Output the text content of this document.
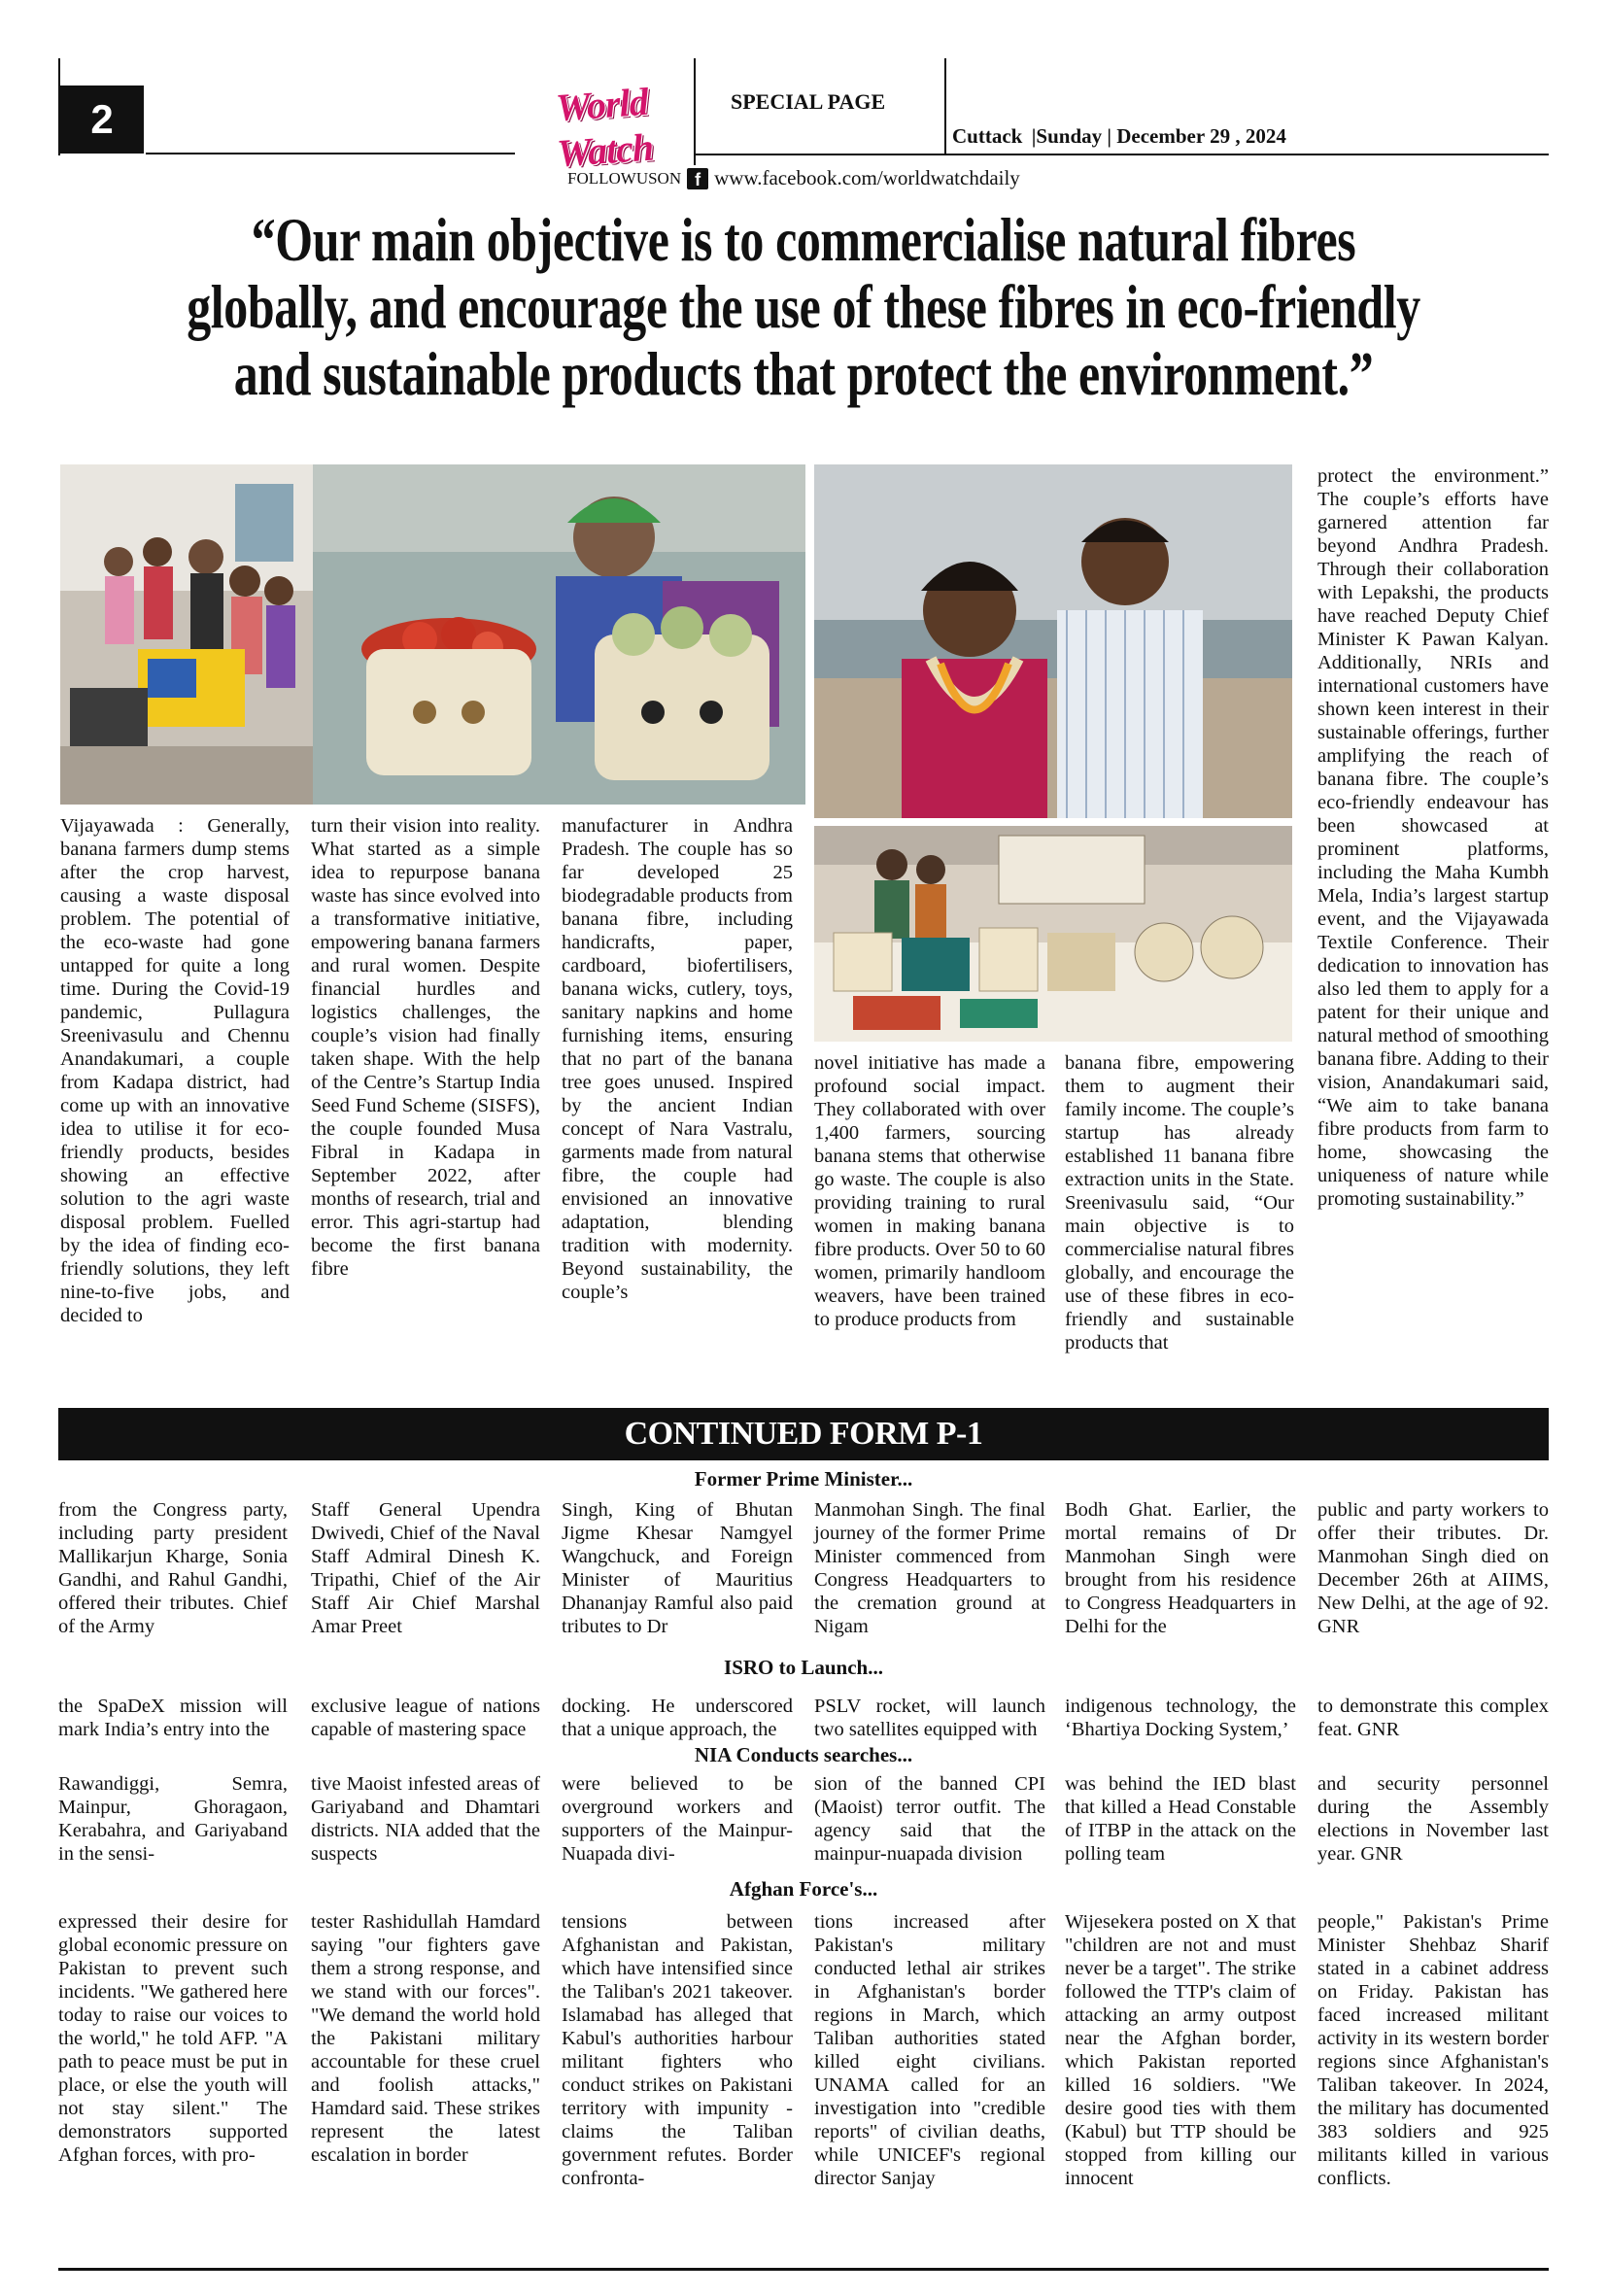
2	World Watch
SPECIAL PAGE
Cuttack  |Sunday | December 29 , 2024
FOLLOWUSON f www.facebook.com/worldwatchdaily
“Our main objective is to commercialise natural fibres
globally, and encourage the use of these fibres in eco-friendly
and sustainable products that protect the environment.”
Vijayawada : Generally, banana farmers dump stems after the crop harvest, causing a waste disposal problem. The potential of the eco-waste had gone untapped for quite a long time. During the Covid-19 pandemic, Pullagura Sreenivasulu and Chennu Anandakumari, a couple from Kadapa district, had come up with an innovative idea to utilise it for eco-friendly products, besides showing an effective solution to the agri waste disposal problem. Fuelled by the idea of finding eco-friendly solutions, they left nine-to-five jobs, and decided to
turn their vision into reality. What started as a simple idea to repurpose banana waste has since evolved into a transformative initiative, empowering banana farmers and rural women. Despite financial hurdles and logistics challenges, the couple’s vision had finally taken shape. With the help of the Centre’s Startup India Seed Fund Scheme (SISFS), the couple founded Musa Fibral in Kadapa in September 2022, after months of research, trial and error. This agri-startup had become the first banana fibre
manufacturer in Andhra Pradesh. The couple has so far developed 25 biodegradable products from banana fibre, including handicrafts, paper, cardboard, biofertilisers, banana wicks, cutlery, toys, sanitary napkins and home furnishing items, ensuring that no part of the banana tree goes unused. Inspired by the ancient Indian concept of Nara Vastralu, garments made from natural fibre, the couple had envisioned an innovative adaptation, blending tradition with modernity. Beyond sustainability, the couple’s
novel initiative has made a profound social impact. They collaborated with over 1,400 farmers, sourcing banana stems that otherwise go waste. The couple is also providing training to rural women in making banana fibre products. Over 50 to 60 women, primarily handloom weavers, have been trained to produce products from
banana fibre, empowering them to augment their family income. The couple’s startup has already established 11 banana fibre extraction units in the State. Sreenivasulu said, “Our main objective is to commercialise natural fibres globally, and encourage the use of these fibres in eco-friendly and sustainable products that
protect the environment.” The couple’s efforts have garnered attention far beyond Andhra Pradesh. Through their collaboration with Lepakshi, the products have reached Deputy Chief Minister K Pawan Kalyan. Additionally, NRIs and international customers have shown keen interest in their sustainable offerings, further amplifying the reach of banana fibre. The couple’s eco-friendly endeavour has been showcased at prominent platforms, including the Maha Kumbh Mela, India’s largest startup event, and the Vijayawada Textile Conference. Their dedication to innovation has also led them to apply for a patent for their unique and natural method of smoothing banana fibre. Adding to their vision, Anandakumari said, “We aim to take banana fibre products from farm to home, showcasing the uniqueness of nature while promoting sustainability.”
CONTINUED FORM P-1
Former Prime Minister...
from the Congress party, including party president Mallikarjun Kharge, Sonia Gandhi, and Rahul Gandhi, offered their tributes. Chief of the Army
Staff General Upendra Dwivedi, Chief of the Naval Staff Admiral Dinesh K. Tripathi, Chief of the Air Staff Air Chief Marshal Amar Preet
Singh, King of Bhutan Jigme Khesar Namgyel Wangchuck, and Foreign Minister of Mauritius Dhananjay Ramful also paid tributes to Dr
Manmohan Singh. The final journey of the former Prime Minister commenced from Congress Headquarters to the cremation ground at Nigam
Bodh Ghat. Earlier, the mortal remains of Dr Manmohan Singh were brought from his residence to Congress Headquarters in Delhi for the
public and party workers to offer their tributes. Dr. Manmohan Singh died on December 26th at AIIMS, New Delhi, at the age of 92. GNR
ISRO to Launch...
the SpaDeX mission will mark India’s entry into the
exclusive league of nations capable of mastering space
docking. He underscored that a unique approach, the
PSLV rocket, will launch two satellites equipped with
indigenous technology, the ‘Bhartiya Docking System,’
to demonstrate this complex feat. GNR
NIA Conducts searches...
Rawandiggi, Semra, Mainpur, Ghoragaon, Kerabahra, and Gariyaband in the sensi-
tive Maoist infested areas of Gariyaband and Dhamtari districts. NIA added that the suspects
were believed to be overground workers and supporters of the Mainpur-Nuapada divi-
sion of the banned CPI (Maoist) terror outfit. The agency said that the mainpur-nuapada division
was behind the IED blast that killed a Head Constable of ITBP in the attack on the polling team
and security personnel during the Assembly elections in November last year. GNR
Afghan Force's...
expressed their desire for global economic pressure on Pakistan to prevent such incidents. "We gathered here today to raise our voices to the world," he told AFP. "A path to peace must be put in place, or else the youth will not stay silent." The demonstrators supported Afghan forces, with pro-
tester Rashidullah Hamdard saying "our fighters gave them a strong response, and we stand with our forces". "We demand the world hold the Pakistani military accountable for these cruel and foolish attacks," Hamdard said. These strikes represent the latest escalation in border
tensions between Afghanistan and Pakistan, which have intensified since the Taliban's 2021 takeover. Islamabad has alleged that Kabul's authorities harbour militant fighters who conduct strikes on Pakistani territory with impunity - claims the Taliban government refutes. Border confronta-
tions increased after Pakistan's military conducted lethal air strikes in Afghanistan's border regions in March, which Taliban authorities stated killed eight civilians. UNAMA called for an investigation into "credible reports" of civilian deaths, while UNICEF's regional director Sanjay
Wijesekera posted on X that "children are not and must never be a target". The strike followed the TTP's claim of attacking an army outpost near the Afghan border, which Pakistan reported killed 16 soldiers. "We desire good ties with them (Kabul) but TTP should be stopped from killing our innocent
people," Pakistan's Prime Minister Shehbaz Sharif stated in a cabinet address on Friday. Pakistan has faced increased militant activity in its western border regions since Afghanistan's Taliban takeover. In 2024, the military has documented 383 soldiers and 925 militants killed in various conflicts.
